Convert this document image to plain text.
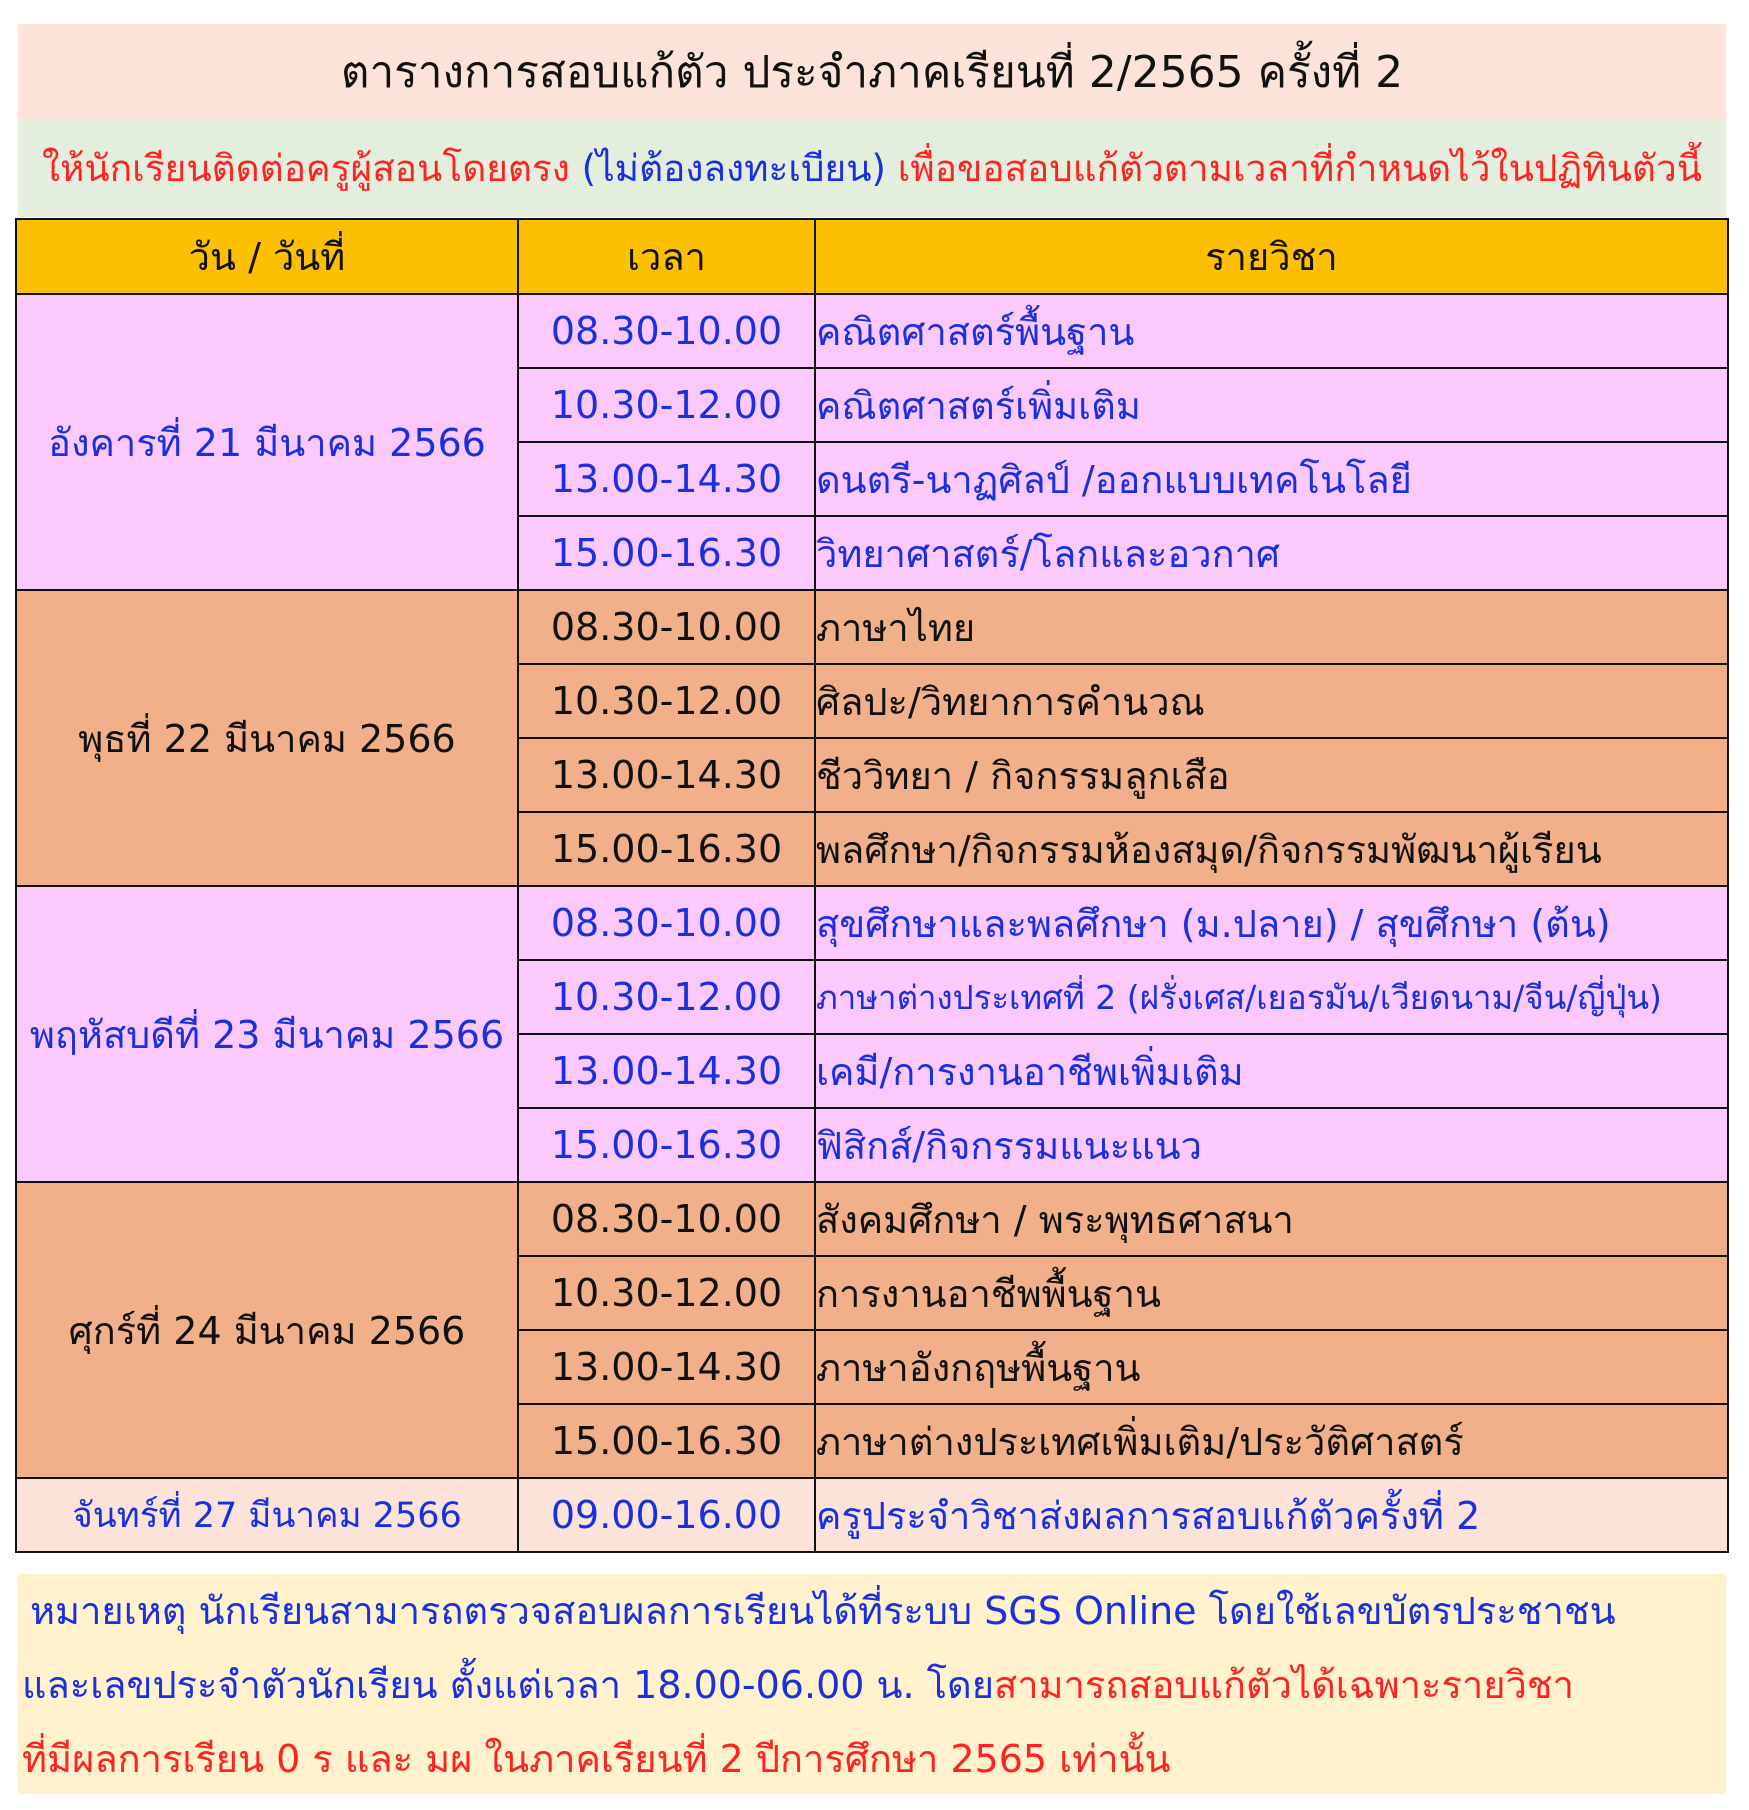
ตารางการสอบแก้ตัว ประจำภาคเรียนที่ 2/2565 ครั้งที่ 2
ให้นักเรียนติดต่อครูผู้สอนโดยตรง (ไม่ต้องลงทะเบียน) เพื่อขอสอบแก้ตัวตามเวลาที่กำหนดไว้ในปฏิทินตัวนี้
วัน / วันที่	เวลา	รายวิชา
อังคารที่ 21 มีนาคม 2566	08.30-10.00	คณิตศาสตร์พื้นฐาน
	10.30-12.00	คณิตศาสตร์เพิ่มเติม
	13.00-14.30	ดนตรี-นาฏศิลป์ /ออกแบบเทคโนโลยี
	15.00-16.30	วิทยาศาสตร์/โลกและอวกาศ
พุธที่ 22 มีนาคม 2566	08.30-10.00	ภาษาไทย
	10.30-12.00	ศิลปะ/วิทยาการคำนวณ
	13.00-14.30	ชีววิทยา / กิจกรรมลูกเสือ
	15.00-16.30	พลศึกษา/กิจกรรมห้องสมุด/กิจกรรมพัฒนาผู้เรียน
พฤหัสบดีที่ 23 มีนาคม 2566	08.30-10.00	สุขศึกษาและพลศึกษา (ม.ปลาย) / สุขศึกษา (ต้น)
	10.30-12.00	ภาษาต่างประเทศที่ 2 (ฝรั่งเศส/เยอรมัน/เวียดนาม/จีน/ญี่ปุ่น)
	13.00-14.30	เคมี/การงานอาชีพเพิ่มเติม
	15.00-16.30	ฟิสิกส์/กิจกรรมแนะแนว
ศุกร์ที่ 24 มีนาคม 2566	08.30-10.00	สังคมศึกษา / พระพุทธศาสนา
	10.30-12.00	การงานอาชีพพื้นฐาน
	13.00-14.30	ภาษาอังกฤษพื้นฐาน
	15.00-16.30	ภาษาต่างประเทศเพิ่มเติม/ประวัติศาสตร์
จันทร์ที่ 27 มีนาคม 2566	09.00-16.00	ครูประจำวิชาส่งผลการสอบแก้ตัวครั้งที่ 2
หมายเหตุ นักเรียนสามารถตรวจสอบผลการเรียนได้ที่ระบบ SGS Online โดยใช้เลขบัตรประชาชน
และเลขประจำตัวนักเรียน ตั้งแต่เวลา 18.00-06.00 น. โดยสามารถสอบแก้ตัวได้เฉพาะรายวิชา
ที่มีผลการเรียน 0 ร และ มผ ในภาคเรียนที่ 2 ปีการศึกษา 2565 เท่านั้น
